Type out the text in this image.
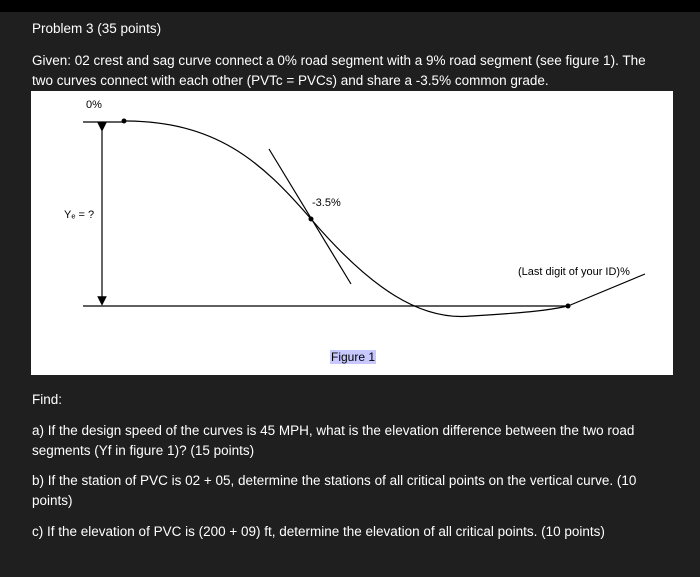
Problem 3 (35 points)
Given: 02 crest and sag curve connect a 0% road segment with a 9% road segment (see figure 1). The
two curves connect with each other (PVTc = PVCs) and share a -3.5% common grade.
0%
Yₑ = ?
-3.5%
(Last digit of your ID)%
Figure 1
Find:
a) If the design speed of the curves is 45 MPH, what is the elevation difference between the two road
segments (Yf in figure 1)? (15 points)
b) If the station of PVC is 02 + 05, determine the stations of all critical points on the vertical curve. (10
points)
c) If the elevation of PVC is (200 + 09) ft, determine the elevation of all critical points. (10 points)
